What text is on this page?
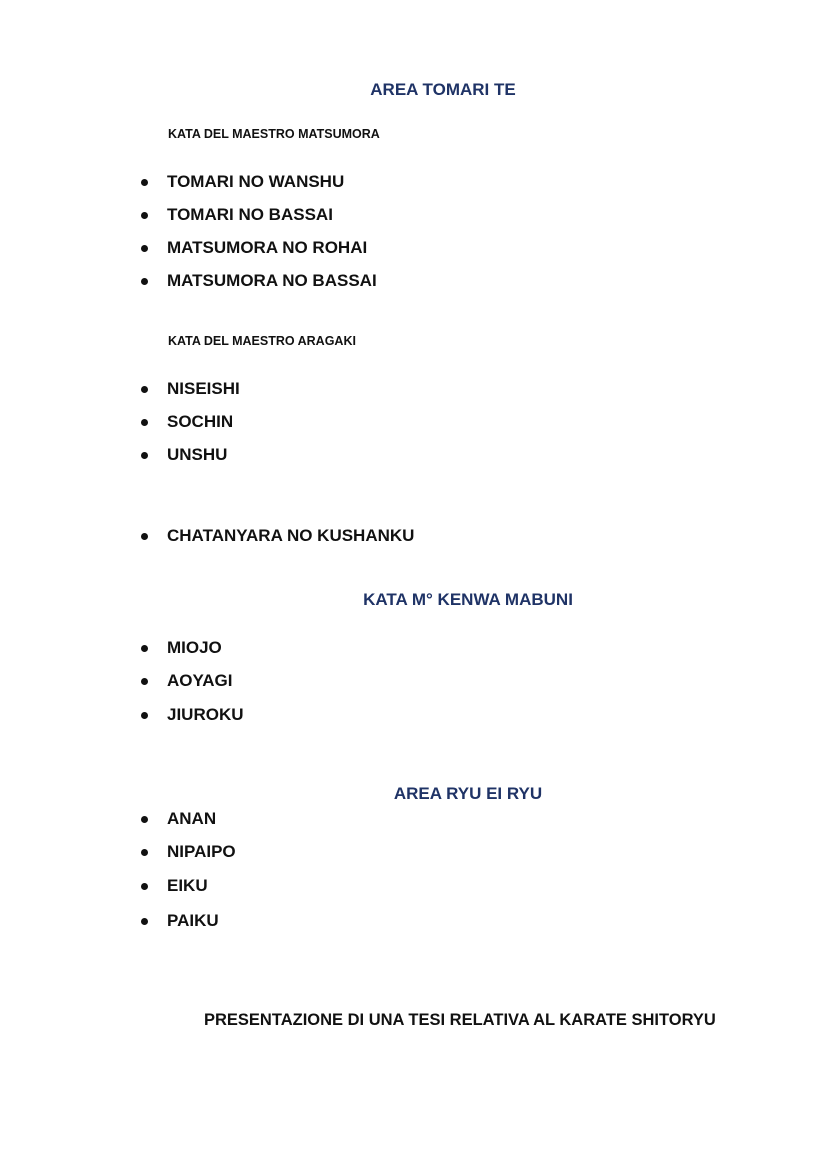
AREA TOMARI TE
KATA DEL MAESTRO MATSUMORA
TOMARI NO WANSHU
TOMARI NO BASSAI
MATSUMORA NO ROHAI
MATSUMORA NO BASSAI
KATA DEL MAESTRO ARAGAKI
NISEISHI
SOCHIN
UNSHU
CHATANYARA NO KUSHANKU
KATA M° KENWA MABUNI
MIOJO
AOYAGI
JIUROKU
AREA RYU EI RYU
ANAN
NIPAIPO
EIKU
PAIKU
PRESENTAZIONE DI UNA TESI RELATIVA AL KARATE SHITORYU
